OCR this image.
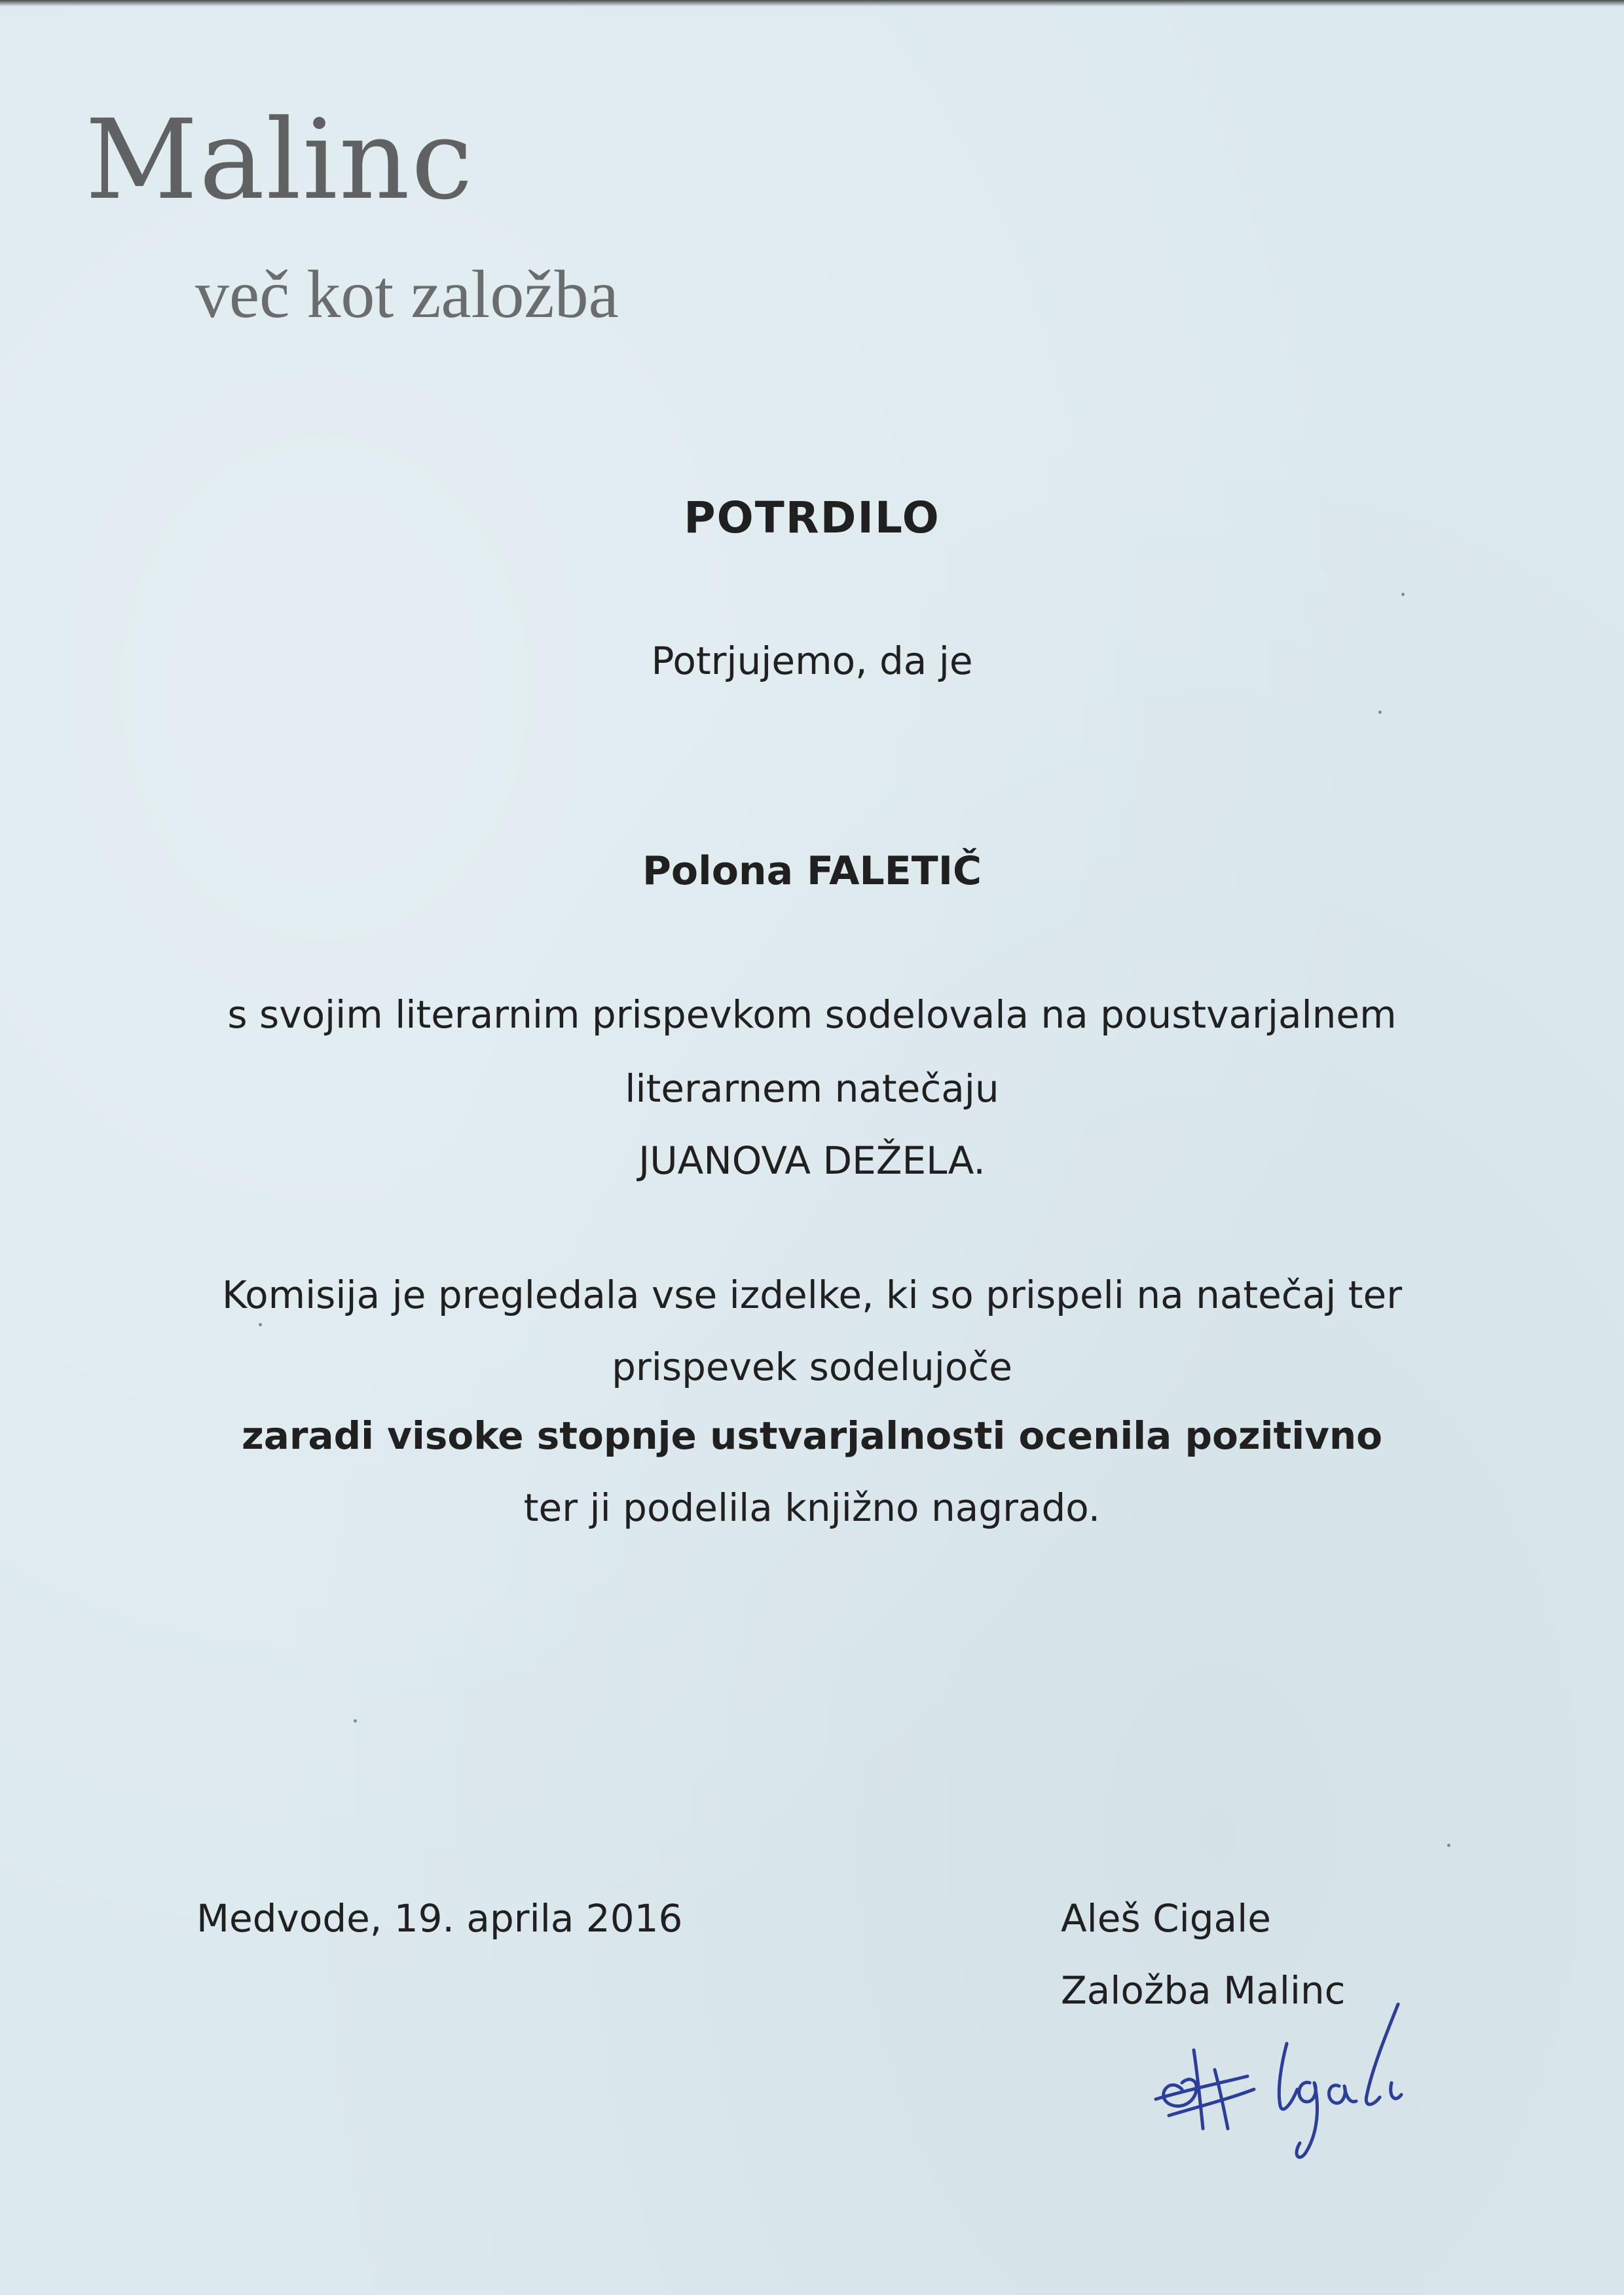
Malinc
več kot založba
POTRDILO
Potrjujemo, da je
Polona FALETIČ
s svojim literarnim prispevkom sodelovala na poustvarjalnem
literarnem natečaju
JUANOVA DEŽELA.
Komisija je pregledala vse izdelke, ki so prispeli na natečaj ter
prispevek sodelujoče
zaradi visoke stopnje ustvarjalnosti ocenila pozitivno
ter ji podelila knjižno nagrado.
Medvode, 19. aprila 2016	Aleš Cigale
Založba Malinc
